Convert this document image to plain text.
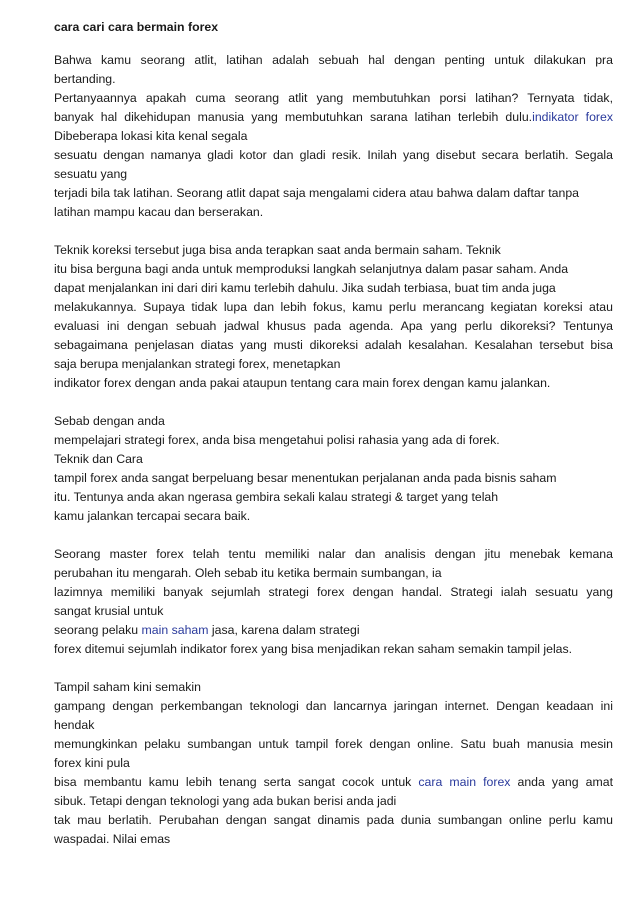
cara cari cara bermain forex
Bahwa kamu seorang atlit, latihan adalah sebuah hal dengan penting untuk dilakukan pra
bertanding.
Pertanyaannya apakah cuma seorang atlit yang membutuhkan porsi latihan? Ternyata tidak,
banyak hal dikehidupan manusia yang membutuhkan sarana latihan terlebih dulu.indikator forex
Dibeberapa lokasi kita kenal segala
sesuatu dengan namanya gladi kotor dan gladi resik. Inilah yang disebut secara berlatih. Segala
sesuatu yang
terjadi bila tak latihan. Seorang atlit dapat saja mengalami cidera atau bahwa dalam daftar tanpa
latihan mampu kacau dan berserakan.
Teknik koreksi tersebut juga bisa anda terapkan saat anda bermain saham. Teknik
itu bisa berguna bagi anda untuk memproduksi langkah selanjutnya dalam pasar saham. Anda
dapat menjalankan ini dari diri kamu terlebih dahulu. Jika sudah terbiasa, buat tim anda juga
melakukannya. Supaya tidak lupa dan lebih fokus, kamu perlu merancang kegiatan koreksi atau
evaluasi ini dengan sebuah jadwal khusus pada agenda. Apa yang perlu dikoreksi? Tentunya
sebagaimana penjelasan diatas yang musti dikoreksi adalah kesalahan. Kesalahan tersebut bisa
saja berupa menjalankan strategi forex, menetapkan
indikator forex dengan anda pakai ataupun tentang cara main forex dengan kamu jalankan.
Sebab dengan anda
mempelajari strategi forex, anda bisa mengetahui polisi rahasia yang ada di forek.
Teknik dan Cara
tampil forex anda sangat berpeluang besar menentukan perjalanan anda pada bisnis saham
itu. Tentunya anda akan ngerasa gembira sekali kalau strategi & target yang telah
kamu jalankan tercapai secara baik.
Seorang master forex telah tentu memiliki nalar dan analisis dengan jitu menebak kemana
perubahan itu mengarah. Oleh sebab itu ketika bermain sumbangan, ia
lazimnya memiliki banyak sejumlah strategi forex dengan handal. Strategi ialah sesuatu yang
sangat krusial untuk
seorang pelaku main saham jasa, karena dalam strategi
forex ditemui sejumlah indikator forex yang bisa menjadikan rekan saham semakin tampil jelas.
Tampil saham kini semakin
gampang dengan perkembangan teknologi dan lancarnya jaringan internet. Dengan keadaan ini
hendak
memungkinkan pelaku sumbangan untuk tampil forek dengan online. Satu buah manusia mesin
forex kini pula
bisa membantu kamu lebih tenang serta sangat cocok untuk cara main forex anda yang amat
sibuk. Tetapi dengan teknologi yang ada bukan berisi anda jadi
tak mau berlatih. Perubahan dengan sangat dinamis pada dunia sumbangan online perlu kamu
waspadai. Nilai emas
